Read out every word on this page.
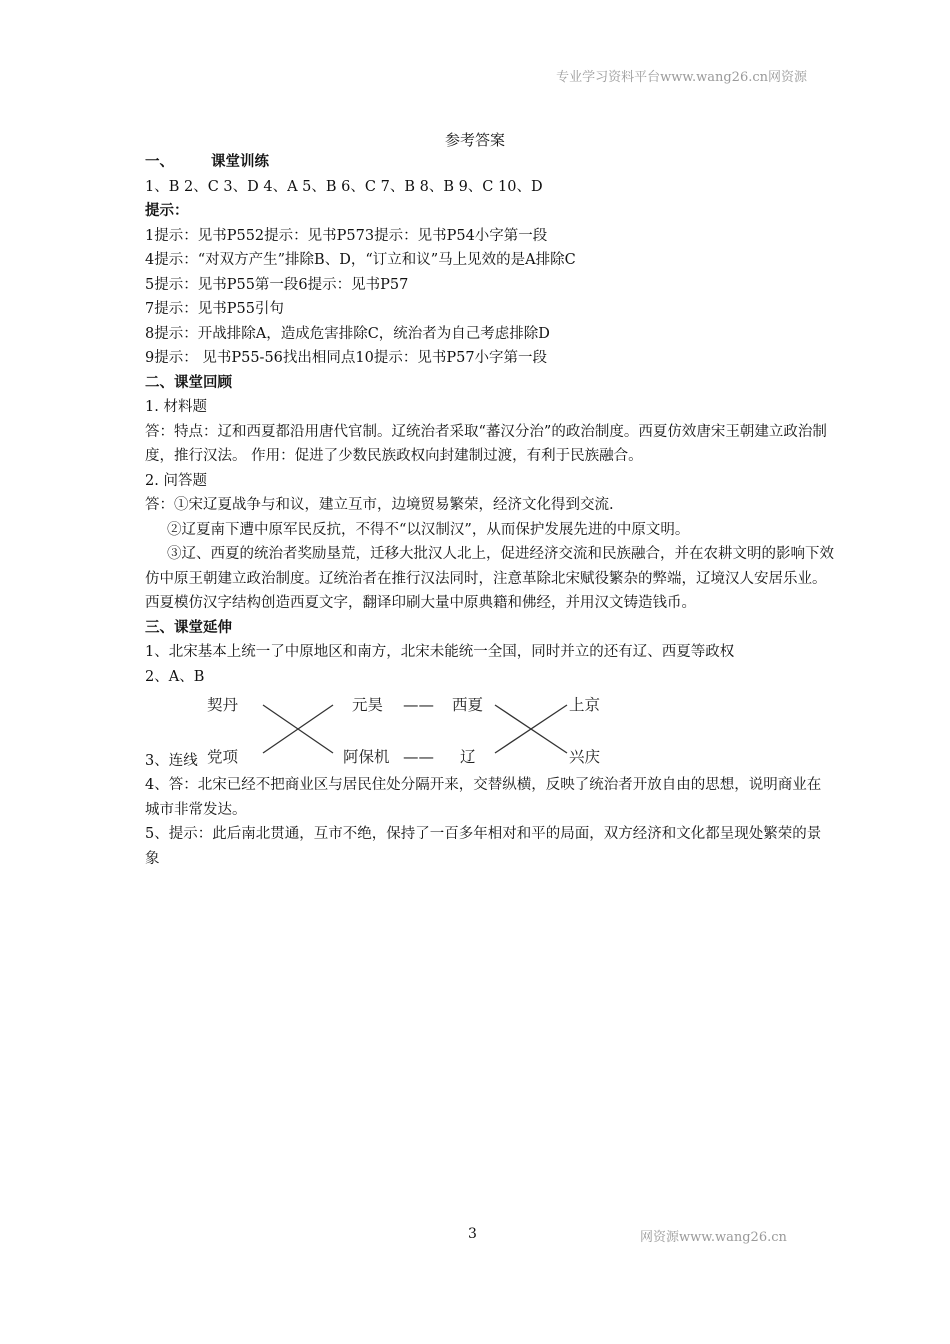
专业学习资料平台www.wang26.cn网资源
参考答案
一、	课堂训练
1、B 2、C 3、D 4、A 5、B 6、C 7、B 8、B 9、C 10、D
提示：
1提示：见书P552提示：见书P573提示：见书P54小字第一段
4提示：“对双方产生”排除B、D，“订立和议”马上见效的是A排除C
5提示：见书P55第一段6提示：见书P57
7提示：见书P55引句
8提示：开战排除A，造成危害排除C，统治者为自己考虑排除D
9提示： 见书P55-56找出相同点10提示：见书P57小字第一段
二、课堂回顾
1. 材料题
答：特点：辽和西夏都沿用唐代官制。辽统治者采取“蕃汉分治”的政治制度。西夏仿效唐宋王朝建立政治制度，推行汉法。 作用：促进了少数民族政权向封建制过渡，有利于民族融合。
2. 问答题
答：①宋辽夏战争与和议，建立互市，边境贸易繁荣，经济文化得到交流.
②辽夏南下遭中原军民反抗，不得不“以汉制汉”，从而保护发展先进的中原文明。
③辽、西夏的统治者奖励垦荒，迁移大批汉人北上，促进经济交流和民族融合，并在农耕文明的影响下效仿中原王朝建立政治制度。辽统治者在推行汉法同时，注意革除北宋赋役繁杂的弊端，辽境汉人安居乐业。西夏模仿汉字结构创造西夏文字，翻译印刷大量中原典籍和佛经，并用汉文铸造钱币。
三、课堂延伸
1、北宋基本上统一了中原地区和南方，北宋未能统一全国，同时并立的还有辽、西夏等政权
2、A、B
契丹
党项
元昊
阿保机
——
——
西夏
辽
上京
兴庆
3、连线
4、答：北宋已经不把商业区与居民住处分隔开来，交替纵横，反映了统治者开放自由的思想，说明商业在城市非常发达。
5、提示：此后南北贯通，互市不绝，保持了一百多年相对和平的局面，双方经济和文化都呈现处繁荣的景象
3	网资源www.wang26.cn
